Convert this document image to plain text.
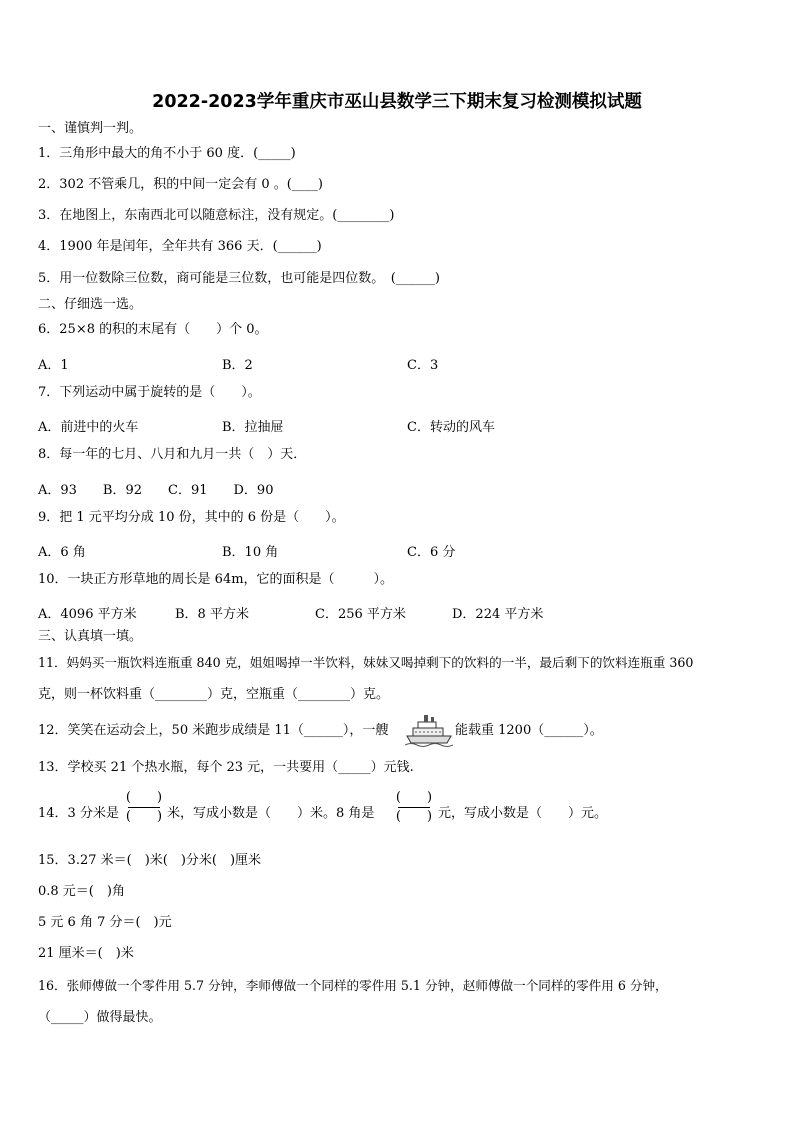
2022-2023学年重庆市巫山县数学三下期末复习检测模拟试题
一、谨慎判一判。
1．三角形中最大的角不小于 60 度．(_____)
2．302 不管乘几，积的中间一定会有 0 。(____)
3．在地图上，东南西北可以随意标注，没有规定。(________)
4．1900 年是闰年，全年共有 366 天．(______)
5．用一位数除三位数，商可能是三位数，也可能是四位数。　(______)
二、仔细选一选。
6．25×8 的积的末尾有（　　）个 0。
A．1	B．2	C．3
7．下列运动中属于旋转的是（　　）。
A．前进中的火车	B．拉抽屉	C．转动的风车
8．每一年的七月、八月和九月一共（　）天．
A．93　　B．92　　C．91　　D．90
9．把 1 元平均分成 10 份，其中的 6 份是（　　）。
A．6 角	B．10 角	C．6 分
10．一块正方形草地的周长是 64m，它的面积是（　　　）。
A．4096 平方米	B．8 平方米	C．256 平方米	D．224 平方米
三、认真填一填。
11．妈妈买一瓶饮料连瓶重 840 克，姐姐喝掉一半饮料，妹妹又喝掉剩下的饮料的一半，最后剩下的饮料连瓶重 360
克，则一杯饮料重（________）克，空瓶重（________）克。
12．笑笑在运动会上，50 米跑步成绩是 11（______），一艘	能载重 1200（______）。
13．学校买 21 个热水瓶，每个 23 元，一共要用（_____）元钱.
14．3 分米是
(　　)
(　　) 米，写成小数是（　　）米。8 角是
(　　)
(　　) 元，写成小数是（　　）元。
15．3.27 米＝(　)米(　)分米(　)厘米
0.8 元＝(　)角
5 元 6 角 7 分＝(　)元
21 厘米＝(　)米
16．张师傅做一个零件用 5.7 分钟，李师傅做一个同样的零件用 5.1 分钟，赵师傅做一个同样的零件用 6 分钟，
（_____）做得最快。
